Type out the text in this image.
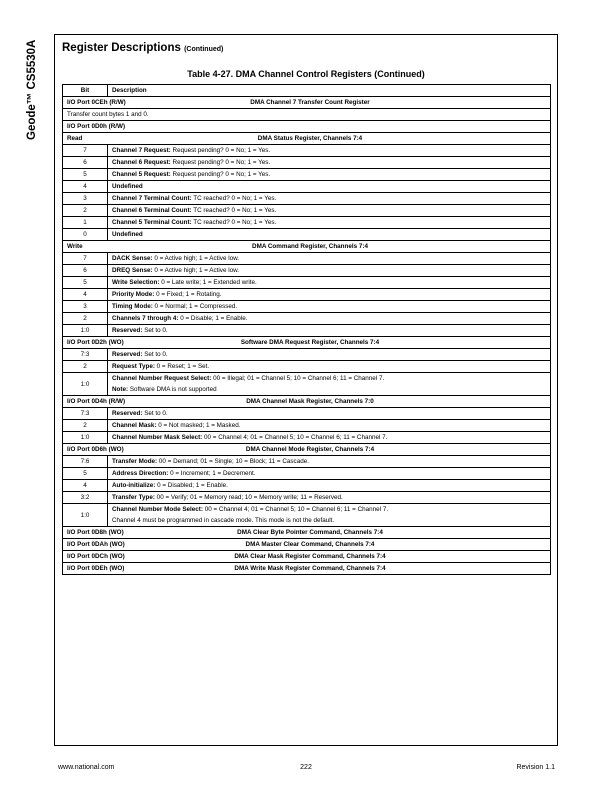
Geode™ CS5530A Register Descriptions (Continued)
Table 4-27. DMA Channel Control Registers (Continued)
Bit	Description

I/O Port 0CEh (R/W) DMA Channel 7 Transfer Count Register	

Transfer count bytes 1 and 0.	

I/O Port 0D0h (R/W)	

Read DMA Status Register, Channels 7:4	

7	Channel 7 Request: Request pending? 0 = No; 1 = Yes.

6	Channel 6 Request: Request pending? 0 = No; 1 = Yes.

5	Channel 5 Request: Request pending? 0 = No; 1 = Yes.

4	Undefined

3	Channel 7 Terminal Count: TC reached? 0 = No; 1 = Yes.

2	Channel 6 Terminal Count: TC reached? 0 = No; 1 = Yes.

1	Channel 5 Terminal Count: TC reached? 0 = No; 1 = Yes.

0	Undefined

Write DMA Command Register, Channels 7:4	

7	DACK Sense: 0 = Active high; 1 = Active low.

6	DREQ Sense: 0 = Active high; 1 = Active low.

5	Write Selection: 0 = Late write; 1 = Extended write.

4	Priority Mode: 0 = Fixed; 1 = Rotating.

3	Timing Mode: 0 = Normal; 1 = Compressed.

2	Channels 7 through 4: 0 = Disable; 1 = Enable.

1:0	Reserved: Set to 0.

I/O Port 0D2h (WO) Software DMA Request Register, Channels 7:4	

7:3	Reserved: Set to 0.

2	Request Type: 0 = Reset; 1 = Set.

1:0	Channel Number Request Select: 00 = Illegal; 01 = Channel 5; 10 = Channel 6; 11 = Channel 7.
Note: Software DMA is not supported

I/O Port 0D4h (R/W) DMA Channel Mask Register, Channels 7:0	

7:3	Reserved: Set to 0.

2	Channel Mask: 0 = Not masked; 1 = Masked.

1:0	Channel Number Mask Select: 00 = Channel 4; 01 = Channel 5; 10 = Channel 6; 11 = Channel 7.

I/O Port 0D6h (WO) DMA Channel Mode Register, Channels 7:4	

7:6	Transfer Mode: 00 = Demand; 01 = Single; 10 = Block; 11 = Cascade.

5	Address Direction: 0 = Increment; 1 = Decrement.

4	Auto-initialize: 0 = Disabled; 1 = Enable.

3:2	Transfer Type: 00 = Verify; 01 = Memory read; 10 = Memory write; 11 = Reserved.

1:0	Channel Number Mode Select: 00 = Channel 4; 01 = Channel 5; 10 = Channel 6; 11 = Channel 7.
Channel 4 must be programmed in cascade mode. This mode is not the default.

I/O Port 0D8h (WO) DMA Clear Byte Pointer Command, Channels 7:4	

I/O Port 0DAh (WO) DMA Master Clear Command, Channels 7:4	

I/O Port 0DCh (WO) DMA Clear Mask Register Command, Channels 7:4	

I/O Port 0DEh (WO) DMA Write Mask Register Command, Channels 7:4	
www.national.com	222	Revision 1.1
